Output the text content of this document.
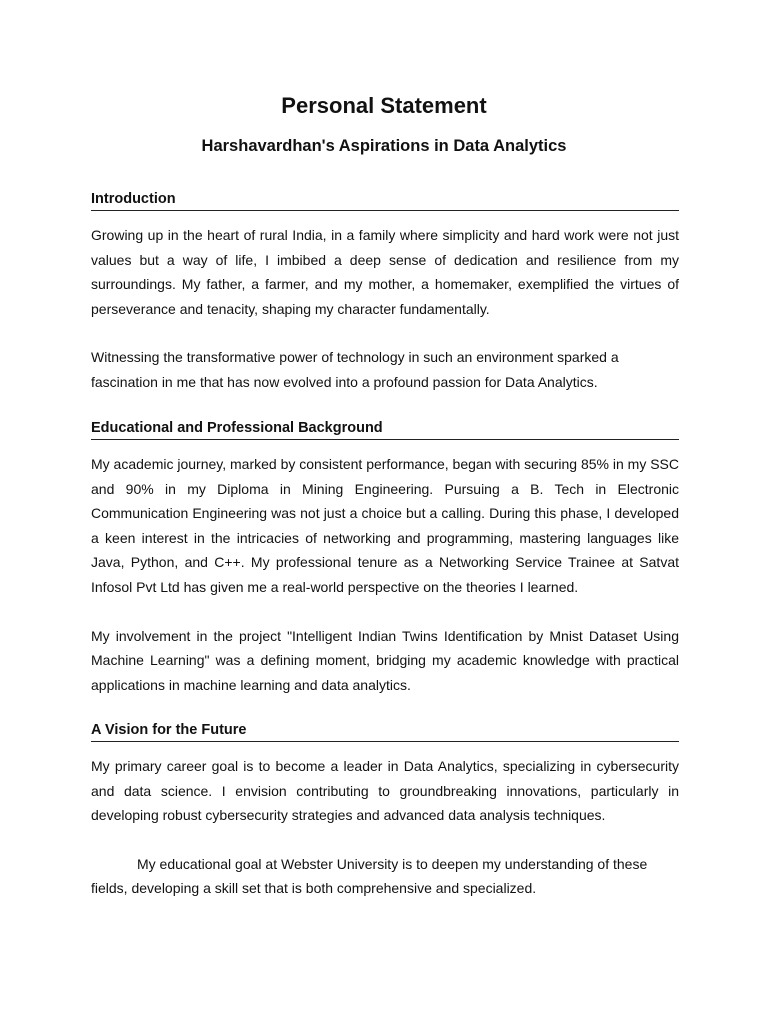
Personal Statement
Harshavardhan's Aspirations in Data Analytics
Introduction

Growing up in the heart of rural India, in a family where simplicity and hard work were not just values but a way of life, I imbibed a deep sense of dedication and resilience from my surroundings. My father, a farmer, and my mother, a homemaker, exemplified the virtues of perseverance and tenacity, shaping my character fundamentally.

Witnessing the transformative power of technology in such an environment sparked a fascination in me that has now evolved into a profound passion for Data Analytics.

Educational and Professional Background

My academic journey, marked by consistent performance, began with securing 85% in my SSC and 90% in my Diploma in Mining Engineering. Pursuing a B. Tech in Electronic Communication Engineering was not just a choice but a calling. During this phase, I developed a keen interest in the intricacies of networking and programming, mastering languages like Java, Python, and C++. My professional tenure as a Networking Service Trainee at Satvat Infosol Pvt Ltd has given me a real-world perspective on the theories I learned.

My involvement in the project "Intelligent Indian Twins Identification by Mnist Dataset Using Machine Learning" was a defining moment, bridging my academic knowledge with practical applications in machine learning and data analytics.

A Vision for the Future

My primary career goal is to become a leader in Data Analytics, specializing in cybersecurity and data science. I envision contributing to groundbreaking innovations, particularly in developing robust cybersecurity strategies and advanced data analysis techniques.

My educational goal at Webster University is to deepen my understanding of these fields, developing a skill set that is both comprehensive and specialized.
